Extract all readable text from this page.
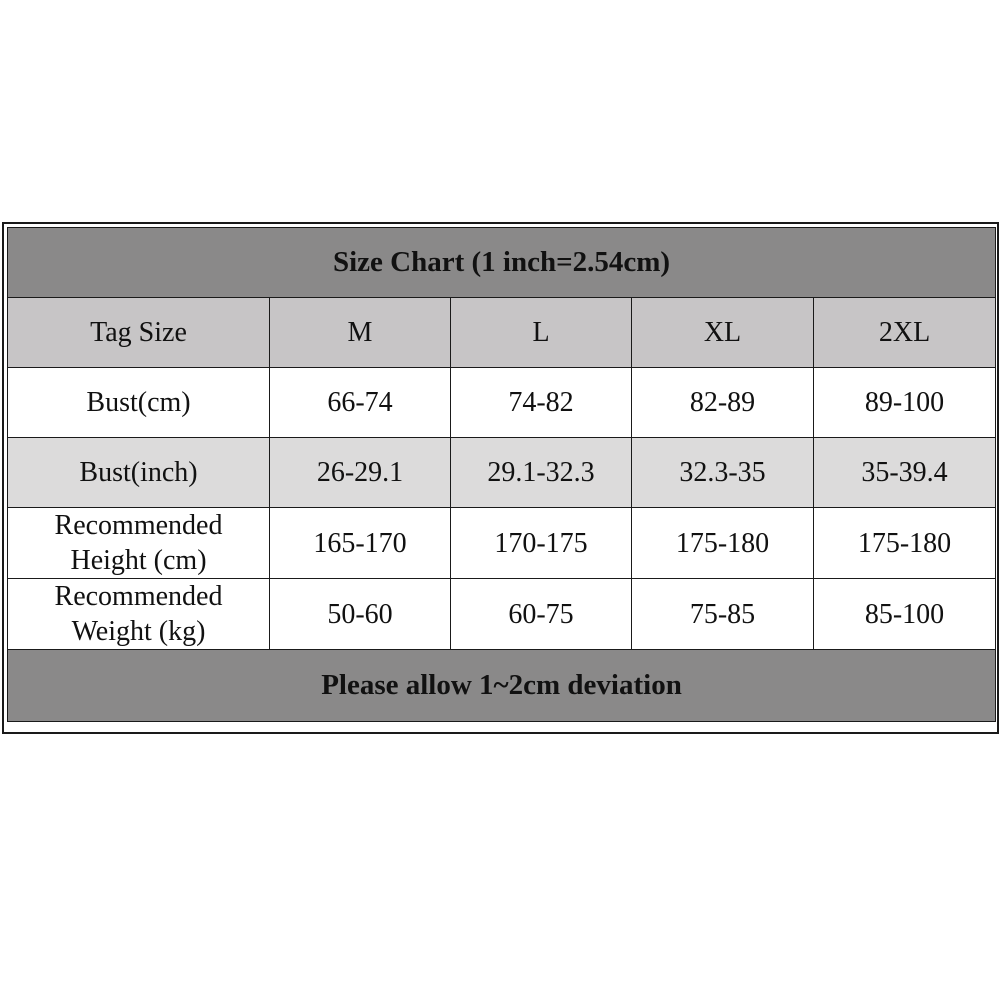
Size Chart (1 inch=2.54cm)				
Tag Size	M	L	XL	2XL
Bust(cm)	66-74	74-82	82-89	89-100
Bust(inch)	26-29.1	29.1-32.3	32.3-35	35-39.4
Recommended
Height (cm)	165-170	170-175	175-180	175-180
Recommended
Weight (kg)	50-60	60-75	75-85	85-100
Please allow 1~2cm deviation				
